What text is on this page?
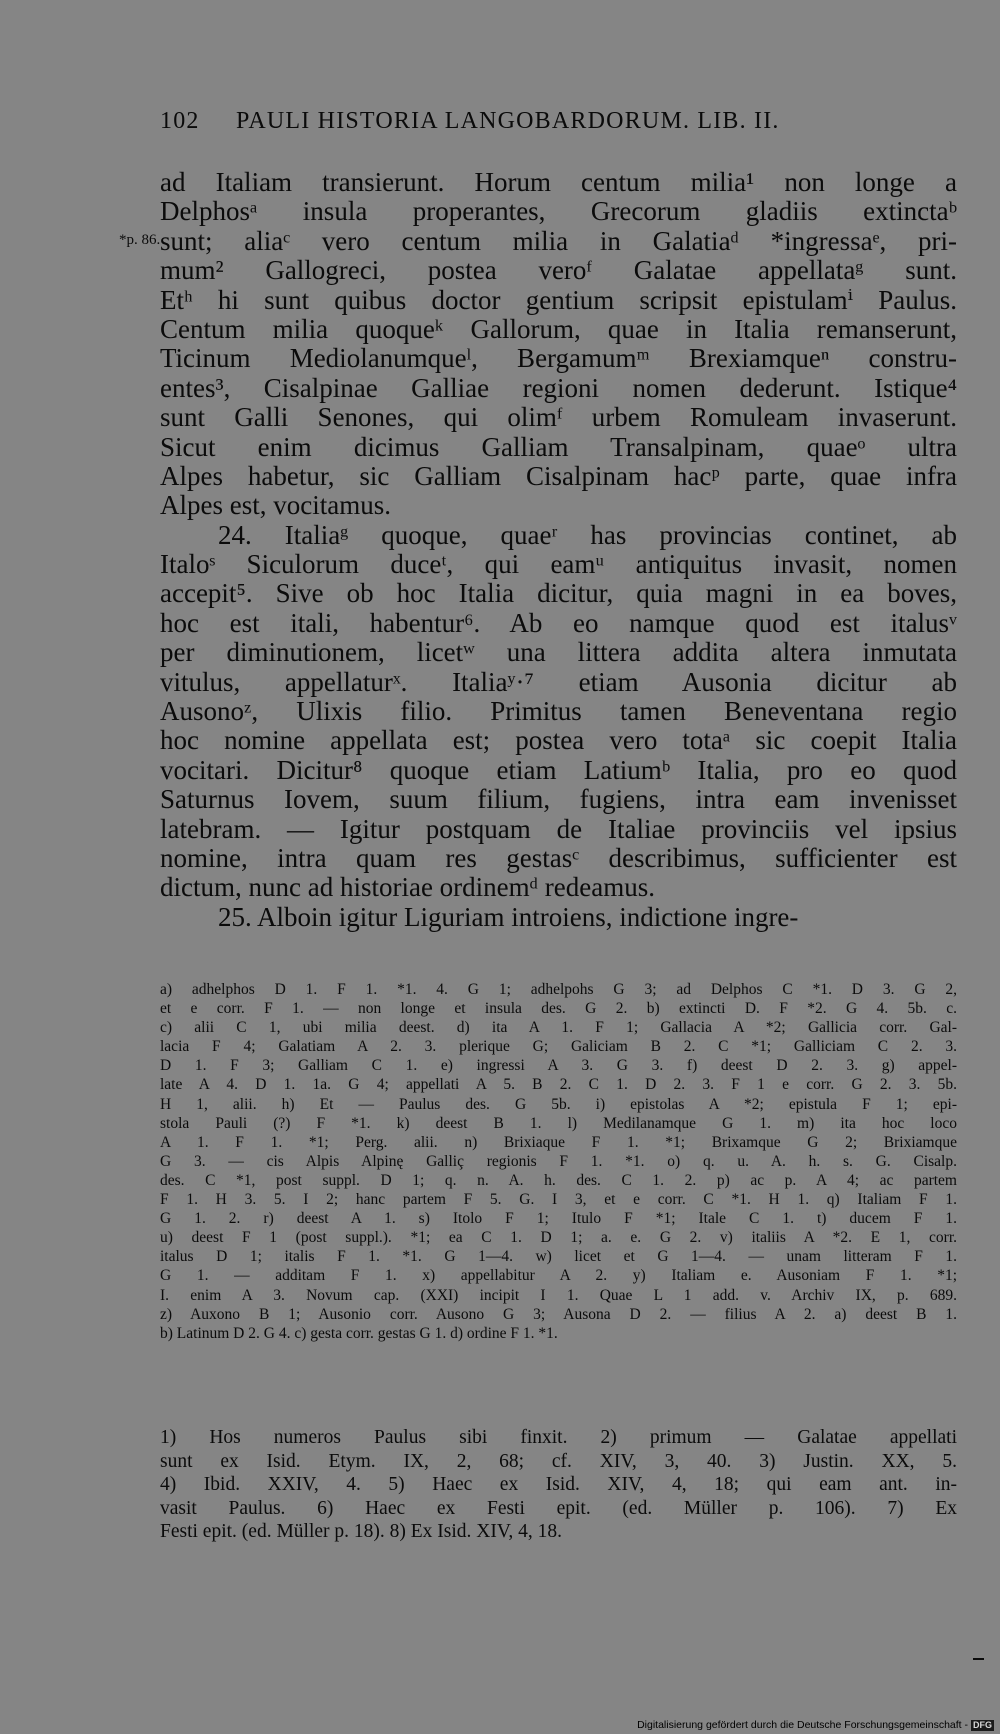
102 PAULI HISTORIA LANGOBARDORUM. LIB. II.
*p. 86.
ad Italiam transierunt. Horum centum milia¹ non longe a
Delphosᵃ insula properantes, Grecorum gladiis extinctaᵇ
sunt; aliaᶜ vero centum milia in Galatiaᵈ *ingressaᵉ, pri-
mum² Gallogreci, postea veroᶠ Galatae appellataᵍ sunt.
Etʰ hi sunt quibus doctor gentium scripsit epistulamⁱ Paulus.
Centum milia quoqueᵏ Gallorum, quae in Italia remanserunt,
Ticinum Mediolanumqueˡ, Bergamumᵐ Brexiamqueⁿ constru-
entes³, Cisalpinae Galliae regioni nomen dederunt. Istique⁴
sunt Galli Senones, qui olimᶠ urbem Romuleam invaserunt.
Sicut enim dicimus Galliam Transalpinam, quaeᵒ ultra
Alpes habetur, sic Galliam Cisalpinam hacᵖ parte, quae infra
Alpes est, vocitamus.
24. Italiaᵍ quoque, quaeʳ has provincias continet, ab
Italoˢ Siculorum duceᵗ, qui eamᵘ antiquitus invasit, nomen
accepit⁵. Sive ob hoc Italia dicitur, quia magni in ea boves,
hoc est itali, habentur⁶. Ab eo namque quod est italusᵛ
per diminutionem, licetʷ una littera addita altera inmutata
vitulus, appellaturˣ. Italiaʸ·⁷ etiam Ausonia dicitur ab
Ausonoᶻ, Ulixis filio. Primitus tamen Beneventana regio
hoc nomine appellata est; postea vero totaᵃ sic coepit Italia
vocitari. Dicitur⁸ quoque etiam Latiumᵇ Italia, pro eo quod
Saturnus Iovem, suum filium, fugiens, intra eam invenisset
latebram. — Igitur postquam de Italiae provinciis vel ipsius
nomine, intra quam res gestasᶜ describimus, sufficienter est
dictum, nunc ad historiae ordinemᵈ redeamus.
25. Alboin igitur Liguriam introiens, indictione ingre-
a) adhelphos D 1. F 1. *1. 4. G 1; adhelpohs G 3; ad Delphos C *1. D 3. G 2,
et e corr. F 1. — non longe et insula des. G 2. b) extincti D. F *2. G 4. 5b. c.
c) alii C 1, ubi milia deest. d) ita A 1. F 1; Gallacia A *2; Gallicia corr. Gal-
lacia F 4; Galatiam A 2. 3. plerique G; Galiciam B 2. C *1; Galliciam C 2. 3.
D 1. F 3; Galliam C 1. e) ingressi A 3. G 3. f) deest D 2. 3. g) appel-
late A 4. D 1. 1a. G 4; appellati A 5. B 2. C 1. D 2. 3. F 1 e corr. G 2. 3. 5b.
H 1, alii. h) Et — Paulus des. G 5b. i) epistolas A *2; epistula F 1; epi-
stola Pauli (?) F *1. k) deest B 1. l) Medilanamque G 1. m) ita hoc loco
A 1. F 1. *1; Perg. alii. n) Brixiaque F 1. *1; Brixamque G 2; Brixiamque
G 3. — cis Alpis Alpinę Galliç regionis F 1. *1. o) q. u. A. h. s. G. Cisalp.
des. C *1, post suppl. D 1; q. n. A. h. des. C 1. 2. p) ac p. A 4; ac partem
F 1. H 3. 5. I 2; hanc partem F 5. G. I 3, et e corr. C *1. H 1. q) Italiam F 1.
G 1. 2. r) deest A 1. s) Itolo F 1; Itulo F *1; Itale C 1. t) ducem F 1.
u) deest F 1 (post suppl.). *1; ea C 1. D 1; a. e. G 2. v) italiis A *2. E 1, corr.
italus D 1; italis F 1. *1. G 1—4. w) licet et G 1—4. — unam litteram F 1.
G 1. — additam F 1. x) appellabitur A 2. y) Italiam e. Ausoniam F 1. *1;
I. enim A 3. Novum cap. (XXI) incipit I 1. Quae L 1 add. v. Archiv IX, p. 689.
z) Auxono B 1; Ausonio corr. Ausono G 3; Ausona D 2. — filius A 2. a) deest B 1.
b) Latinum D 2. G 4. c) gesta corr. gestas G 1. d) ordine F 1. *1.
1) Hos numeros Paulus sibi finxit. 2) primum — Galatae appellati
sunt ex Isid. Etym. IX, 2, 68; cf. XIV, 3, 40. 3) Justin. XX, 5.
4) Ibid. XXIV, 4. 5) Haec ex Isid. XIV, 4, 18; qui eam ant. in-
vasit Paulus. 6) Haec ex Festi epit. (ed. Müller p. 106). 7) Ex
Festi epit. (ed. Müller p. 18). 8) Ex Isid. XIV, 4, 18.
Digitalisierung gefördert durch die Deutsche Forschungsgemeinschaft - DFG
